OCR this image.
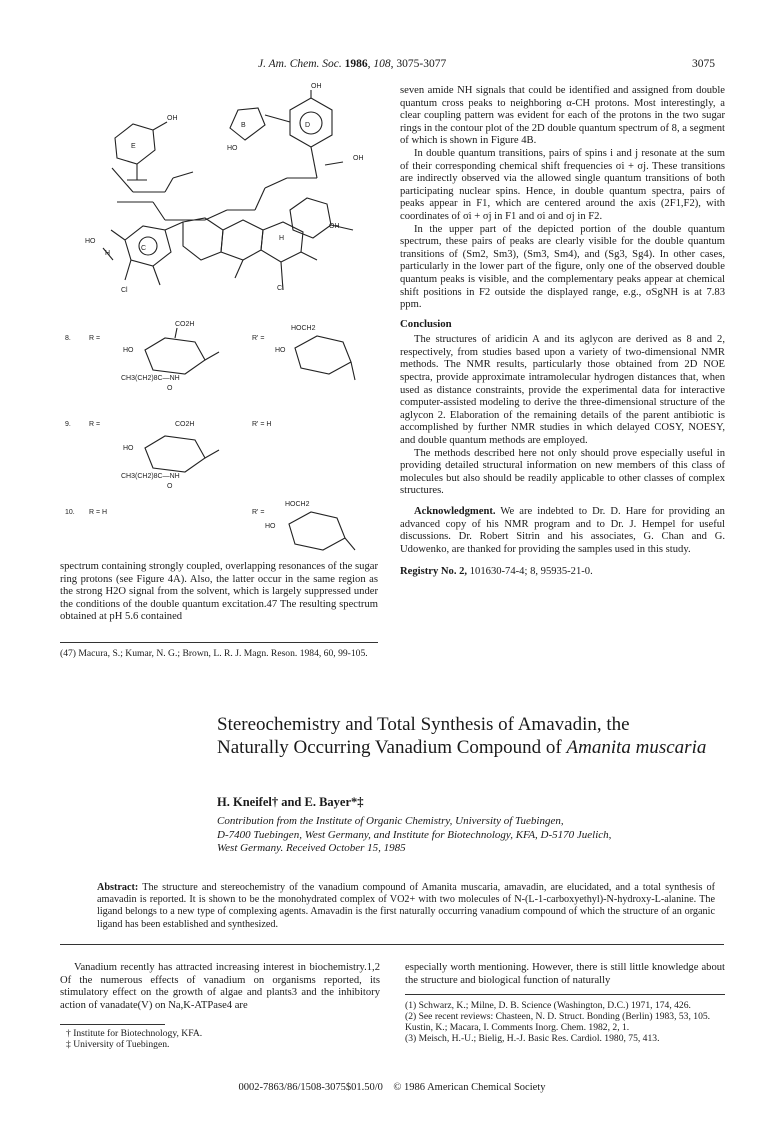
J. Am. Chem. Soc. 1986, 108, 3075-3077	3075
OH
OH
OH
OH
HO
HO
Cl	Cl
C
D
B
E
H
H
8.	R =
CO2H
HO
CH3(CH2)8C—NH
O
R' =
HOCH2
HO
9.	R =	CO2H
HO
CH3(CH2)8C—NH
O
R' = H
10. R = H	R' =
HOCH2
HO

spectrum containing strongly coupled, overlapping resonances of the sugar ring protons (see Figure 4A). Also, the latter occur in the same region as the strong H2O signal from the solvent, which is largely suppressed under the conditions of the double quantum excitation.47 The resulting spectrum obtained at pH 5.6 contained

(47) Macura, S.; Kumar, N. G.; Brown, L. R. J. Magn. Reson. 1984, 60, 99-105.

seven amide NH signals that could be identified and assigned from double quantum cross peaks to neighboring α-CH protons. Most interestingly, a clear coupling pattern was evident for each of the protons in the two sugar rings in the contour plot of the 2D double quantum spectrum of 8, a segment of which is shown in Figure 4B.

In double quantum transitions, pairs of spins i and j resonate at the sum of their corresponding chemical shift frequencies σi + σj. These transitions are indirectly observed via the allowed single quantum transitions of both participating nuclear spins. Hence, in double quantum spectra, pairs of peaks appear in F1, which are centered around the axis (2F1,F2), with coordinates of σi + σj in F1 and σi and σj in F2.

In the upper part of the depicted portion of the double quantum spectrum, these pairs of peaks are clearly visible for the double quantum transitions of (Sm2, Sm3), (Sm3, Sm4), and (Sg3, Sg4). In other cases, particularly in the lower part of the figure, only one of the observed double quantum peaks is visible, and the complementary peaks appear at chemical shift positions in F2 outside the displayed range, e.g., σSgNH is at 7.83 ppm.

Conclusion

The structures of aridicin A and its aglycon are derived as 8 and 2, respectively, from studies based upon a variety of two-dimensional NMR methods. The NMR results, particularly those obtained from 2D NOE spectra, provide approximate intramolecular hydrogen distances that, when used as distance constraints, provide the experimental data for interactive computer-assisted modeling to derive the three-dimensional structure of the aglycon 2. Elaboration of the remaining details of the parent antibiotic is accomplished by further NMR studies in which delayed COSY, NOESY, and double quantum methods are employed.

The methods described here not only should prove especially useful in providing detailed structural information on new members of this class of molecules but also should be readily applicable to other classes of complex structures.

Acknowledgment. We are indebted to Dr. D. Hare for providing an advanced copy of his NMR program and to Dr. J. Hempel for useful discussions. Dr. Robert Sitrin and his associates, G. Chan and G. Udowenko, are thanked for providing the samples used in this study.

Registry No. 2, 101630-74-4; 8, 95935-21-0.

Stereochemistry and Total Synthesis of Amavadin, the
Naturally Occurring Vanadium Compound of Amanita muscaria
H. Kneifel† and E. Bayer*‡
Contribution from the Institute of Organic Chemistry, University of Tuebingen,
D-7400 Tuebingen, West Germany, and Institute for Biotechnology, KFA, D-5170 Juelich,
West Germany. Received October 15, 1985
Abstract: The structure and stereochemistry of the vanadium compound of Amanita muscaria, amavadin, are elucidated, and a total synthesis of amavadin is reported. It is shown to be the monohydrated complex of VO2+ with two molecules of N-(L-1-carboxyethyl)-N-hydroxy-L-alanine. The ligand belongs to a new type of complexing agents. Amavadin is the first naturally occurring vanadium compound of which the structure of an organic ligand has been established and synthesized.

Vanadium recently has attracted increasing interest in biochemistry.1,2 Of the numerous effects of vanadium on organisms reported, its stimulatory effect on the growth of algae and plants3 and the inhibitory action of vanadate(V) on Na,K-ATPase4 are

† Institute for Biotechnology, KFA.
‡ University of Tuebingen.

especially worth mentioning. However, there is still little knowledge about the structure and biological function of naturally

(1) Schwarz, K.; Milne, D. B. Science (Washington, D.C.) 1971, 174, 426.
(2) See recent reviews: Chasteen, N. D. Struct. Bonding (Berlin) 1983, 53, 105. Kustin, K.; Macara, I. Comments Inorg. Chem. 1982, 2, 1.
(3) Meisch, H.-U.; Bielig, H.-J. Basic Res. Cardiol. 1980, 75, 413.
0002-7863/86/1508-3075$01.50/0 © 1986 American Chemical Society
